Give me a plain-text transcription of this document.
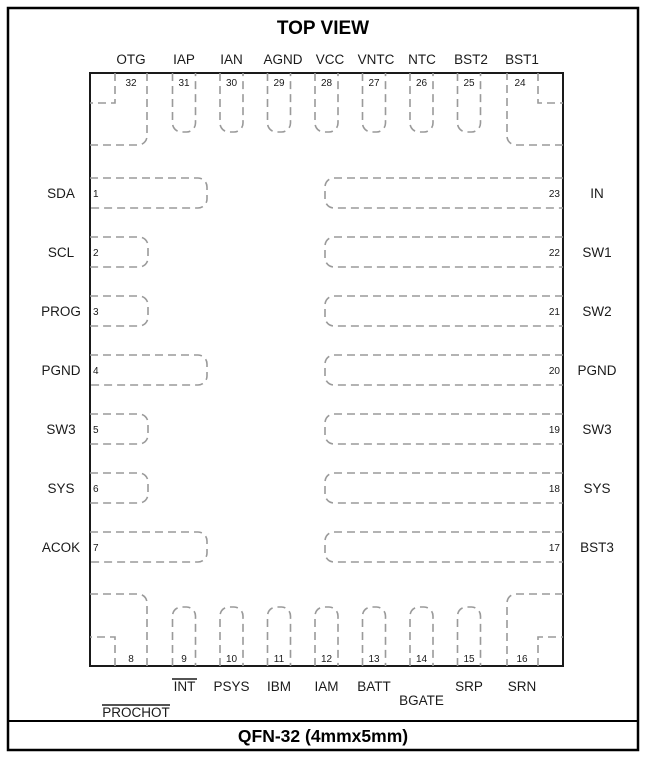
TOP VIEW
32	31	30	29	28	27	26	25	24
OTG IAP IAN AGND VCC VNTC NTC BST2 BST1
8	9	10	11	12	13	14	15	16
PROCHOT
INT PSYS IBM IAM BATT
BGATE
SRP SRN
1
2
3
4
5
6
7
SDA
SCL
PROG
PGND
SW3
SYS
ACOK
23
22
21
20
19
18
17
IN
SW1
SW2
PGND
SW3
SYS
BST3
QFN-32 (4mmx5mm)
